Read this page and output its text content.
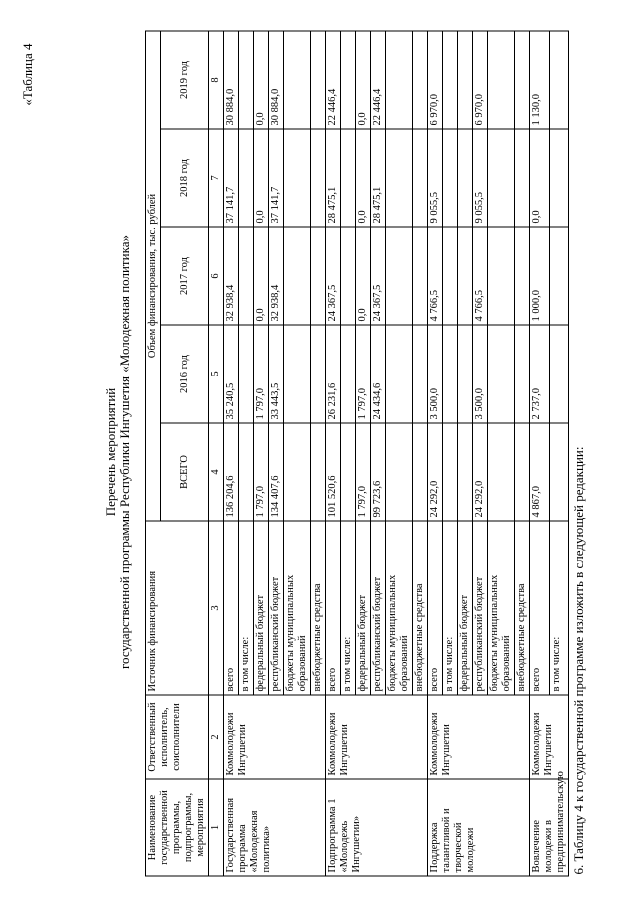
6. Таблицу 4 к государственной программе изложить в следующей редакции:
«Таблица 4
Перечень мероприятий государственной программы Республики Ингушетия «Молодежная политика»
Наименование государственной программы, подпрограммы, мероприятия	Ответственный исполнитель, соисполнители	Источник финансирования	Объем финансирования, тыс. рублей				
			ВСЕГО	2016 год	2017 год	2018 год	2019 год
1	2	3	4	5	6	7	8
Государственная программа «Молодежная политика»	Коммолодежи Ингушетии	всего	136 204,6	35 240,5	32 938,4	37 141,7	30 884,0
		в том числе:					
		федеральный бюджет	1 797,0	1 797,0	0,0	0,0	0,0
		республиканский бюджет	134 407,6	33 443,5	32 938,4	37 141,7	30 884,0
		бюджеты муниципальных образований					
		внебюджетные средства					
Подпрограмма 1 «Молодежь Ингушетии»	Коммолодежи Ингушетии	всего	101 520,6	26 231,6	24 367,5	28 475,1	22 446,4
		в том числе:					
		федеральный бюджет	1 797,0	1 797,0	0,0	0,0	0,0
		республиканский бюджет	99 723,6	24 434,6	24 367,5	28 475,1	22 446,4
		бюджеты муниципальных образований					
		внебюджетные средства					
Поддержка талантливой и творческой молодежи	Коммолодежи Ингушетии	всего	24 292,0	3 500,0	4 766,5	9 055,5	6 970,0
		в том числе:					
		федеральный бюджет					
		республиканский бюджет	24 292,0	3 500,0	4 766,5	9 055,5	6 970,0
		бюджеты муниципальных образований					
		внебюджетные средства					
Вовлечение молодежи в предпринимательскую	Коммолодежи Ингушетии	всего	4 867,0	2 737,0	1 000,0	0,0	1 130,0
		в том числе:					
